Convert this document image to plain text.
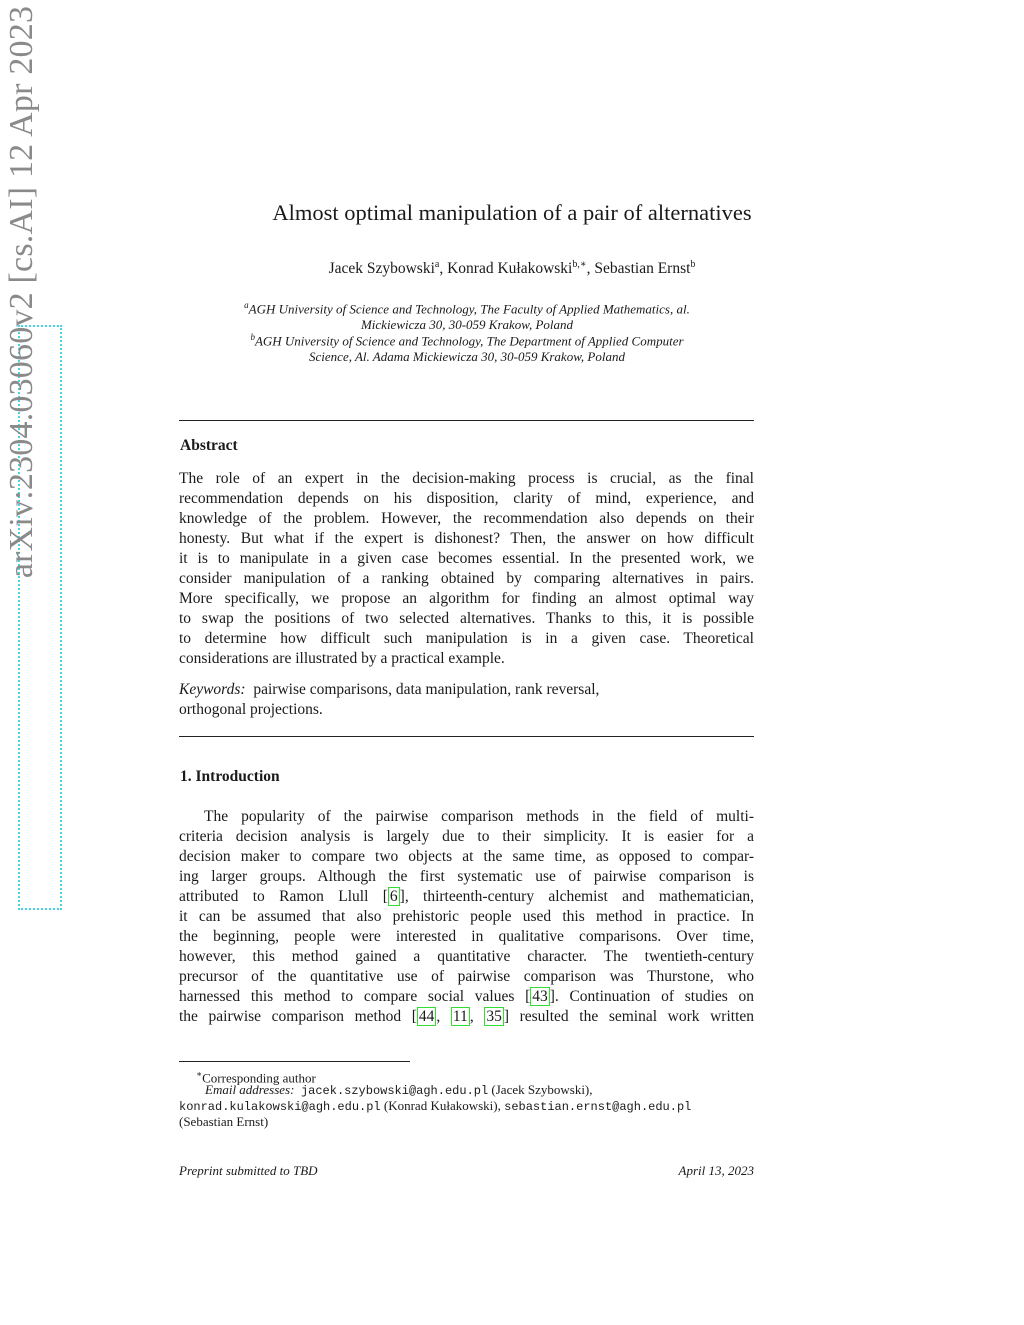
arXiv:2304.03060v2 [cs.AI] 12 Apr 2023	Almost optimal manipulation of a pair of alternatives
Jacek Szybowski$^a$, Konrad Kułakowski$^{b,∗}$, Sebastian Ernst$^b$
$^a$AGH University of Science and Technology, The Faculty of Applied Mathematics, al.
Mickiewicza 30, 30-059 Krakow, Poland
$^b$AGH University of Science and Technology, The Department of Applied Computer
Science, Al. Adama Mickiewicza 30, 30-059 Krakow, Poland
Abstract
The role of an expert in the decision-making process is crucial, as the final
recommendation depends on his disposition, clarity of mind, experience, and
knowledge of the problem. However, the recommendation also depends on their
honesty. But what if the expert is dishonest? Then, the answer on how difficult
it is to manipulate in a given case becomes essential. In the presented work, we
consider manipulation of a ranking obtained by comparing alternatives in pairs.
More specifically, we propose an algorithm for finding an almost optimal way
to swap the positions of two selected alternatives. Thanks to this, it is possible
to determine how difficult such manipulation is in a given case. Theoretical
considerations are illustrated by a practical example.
Keywords: pairwise comparisons, data manipulation, rank reversal,
orthogonal projections.
1. Introduction
The popularity of the pairwise comparison methods in the field of multi-
criteria decision analysis is largely due to their simplicity. It is easier for a
decision maker to compare two objects at the same time, as opposed to compar-
ing larger groups. Although the first systematic use of pairwise comparison is
attributed to Ramon Llull [ 6 ], thirteenth-century alchemist and mathematician,
it can be assumed that also prehistoric people used this method in practice. In
the beginning, people were interested in qualitative comparisons. Over time,
however, this method gained a quantitative character. The twentieth-century
precursor of the quantitative use of pairwise comparison was Thurstone, who
harnessed this method to compare social values [ 43 ]. Continuation of studies on
the pairwise comparison method [ 44 , 11 , 35 ] resulted the seminal work written
∗Corresponding author
Email addresses: jacek.szybowski@agh.edu.pl (Jacek Szybowski),
konrad.kulakowski@agh.edu.pl (Konrad Kułakowski), sebastian.ernst@agh.edu.pl
(Sebastian Ernst)
Preprint submitted to TBD	April 13, 2023
